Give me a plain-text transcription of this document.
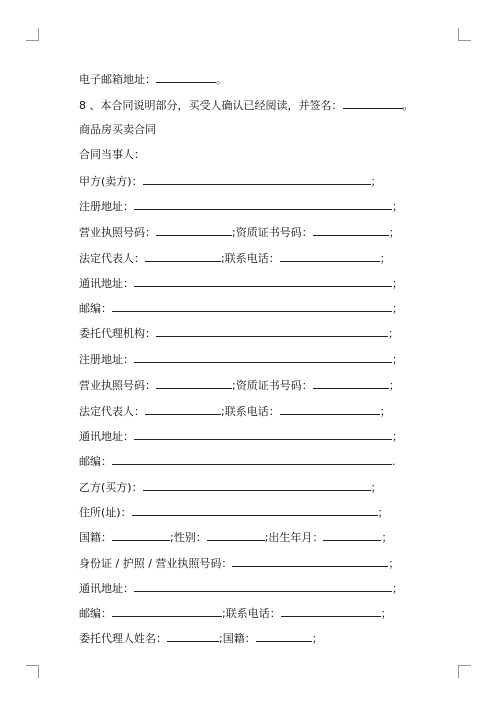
电子邮箱地址：	。
8 、本合同说明部分，买受人确认已经阅读，并签名：	。
商品房买卖合同
合同当事人：
甲方(卖方)：	；
注册地址：	；
营业执照号码：	;资质证书号码：	；
法定代表人：	;联系电话：	；
通讯地址：	；
邮编：	；
委托代理机构：	；
注册地址：	；
营业执照号码：	;资质证书号码：	；
法定代表人：	;联系电话：	；
通讯地址：	；
邮编：	.
乙方(买方)：	；
住所(址)：	；
国籍：	;性别：	;出生年月：	；
身份证 / 护照 / 营业执照号码：	；
通讯地址：	；
邮编：	;联系电话：	；
委托代理人姓名：	;国籍：	；
